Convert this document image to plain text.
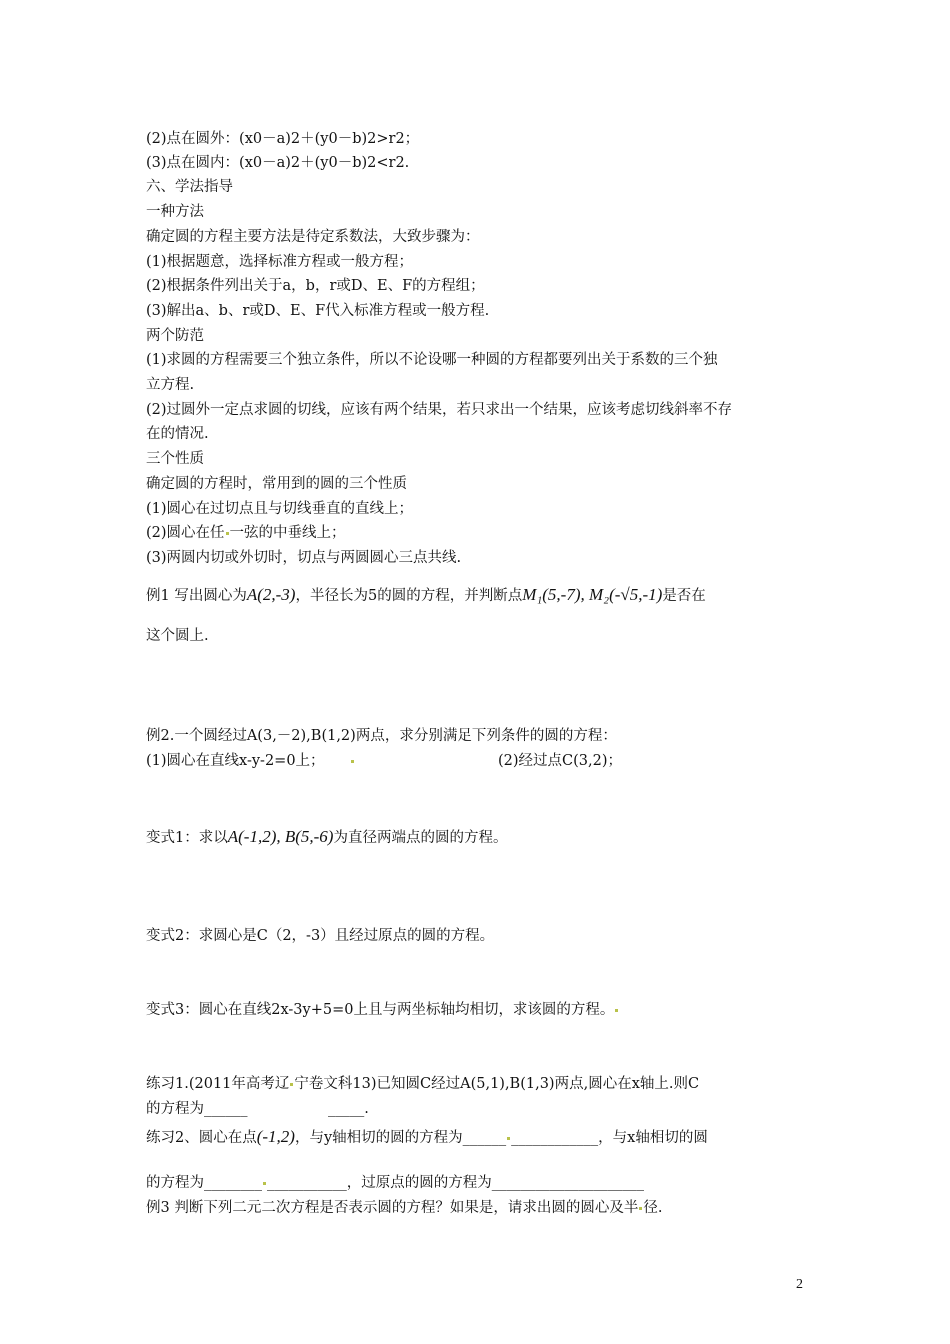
(2)点在圆外：(x0－a)2＋(y0－b)2>r2；
(3)点在圆内：(x0－a)2＋(y0－b)2<r2.
六、学法指导
一种方法
确定圆的方程主要方法是待定系数法，大致步骤为：
(1)根据题意，选择标准方程或一般方程；
(2)根据条件列出关于a，b，r或D、E、F的方程组；
(3)解出a、b、r或D、E、F代入标准方程或一般方程.
两个防范
(1)求圆的方程需要三个独立条件，所以不论设哪一种圆的方程都要列出关于系数的三个独
立方程.
(2)过圆外一定点求圆的切线，应该有两个结果，若只求出一个结果，应该考虑切线斜率不存
在的情况.
三个性质
确定圆的方程时，常用到的圆的三个性质
(1)圆心在过切点且与切线垂直的直线上；
(2)圆心在任 一弦的中垂线上；
(3)两圆内切或外切时，切点与两圆圆心三点共线.
例1 写出圆心为A(2,-3)，半径长为5的圆的方程，并判断点M₁(5,-7), M₂(-√5,-1)是否在
这个圆上.
例2.一个圆经过A(3,－2),B(1,2)两点，求分别满足下列条件的圆的方程：
(1)圆心在直线x-y-2=0上；	(2)经过点C(3,2)；
变式1：求以A(-1,2), B(5,-6)为直径两端点的圆的方程。
变式2：求圆心是C（2，-3）且经过原点的圆的方程。
变式3：圆心在直线2x-3y+5=0上且与两坐标轴均相切，求该圆的方程。
练习1.(2011年高考辽 宁卷文科13)已知圆C经过A(5,1),B(1,3)两点,圆心在x轴上.则C
的方程为______	_____.
练习2、圆心在点(-1,2)，与y轴相切的圆的方程为______ ____________，与x轴相切的圆
的方程为________ ___________，过原点的圆的方程为_____________________
例3 判断下列二元二次方程是否表示圆的方程？如果是，请求出圆的圆心及半 径.
2
